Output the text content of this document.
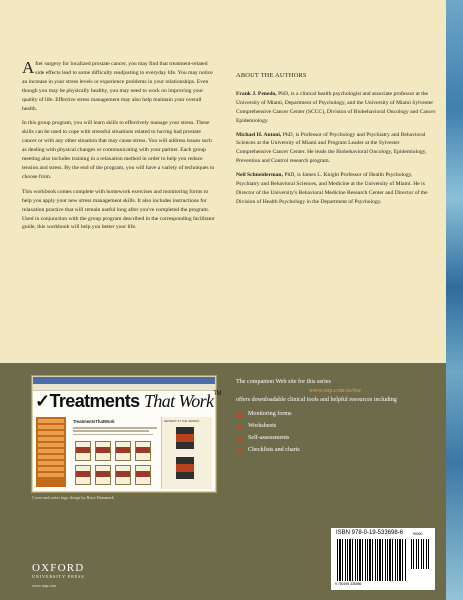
After surgery for localized prostate cancer, you may find that treatment-related side effects lead to some difficulty readjusting to everyday life. You may notice an increase in your stress levels or experience problems in your relationships. Even though you may be physically healthy, you may need to work on improving your quality of life. Effective stress management may also help maintain your overall health.

In this group program, you will learn skills to effectively manage your stress. These skills can be used to cope with stressful situations related to having had prostate cancer or with any other situation that may cause stress. You will address issues such as dealing with physical changes or communicating with your partner. Each group meeting also includes training in a relaxation method in order to help you reduce tension and stress. By the end of the program, you will have a variety of techniques to choose from.

This workbook comes complete with homework exercises and monitoring forms to help you apply your new stress management skills. It also includes instructions for relaxation practice that will remain useful long after you've completed the program. Used in conjunction with the group program described in the corresponding facilitator guide, this workbook will help you better your life.

ABOUT THE AUTHORS

Frank J. Penedo, PhD, is a clinical health psychologist and associate professor at the University of Miami, Department of Psychology, and the University of Miami Sylvester Comprehensive Cancer Center (SCCC), Division of Biobehavioral Oncology and Cancer Epidemiology.

Michael H. Antoni, PhD, is Professor of Psychology and Psychiatry and Behavioral Sciences at the University of Miami and Program Leader at the Sylvester Comprehensive Cancer Center. He leads the Biobehavioral Oncology, Epidemiology, Prevention and Control research program.

Neil Schneiderman, PhD, is James L. Knight Professor of Health Psychology, Psychiatry and Behavioral Sciences, and Medicine at the University of Miami. He is Director of the University's Behavioral Medicine Research Center and Director of the Division of Health Psychology in the Department of Psychology.

✓Treatments That Work™
TreatmentsThatWork	NEWEST IN THE SERIES
Cover and series logo design by Brice Hammack
OXFORD
UNIVERSITY PRESS
www.oup.com
The companion Web site for this series
www.oup.com/us/ttw
offers downloadable clinical tools and helpful resources including
Monitoring forms
Worksheets
Self-assessments
Checklists and charts
ISBN 978-0-19-533698-6	90000
9 780195 336986
